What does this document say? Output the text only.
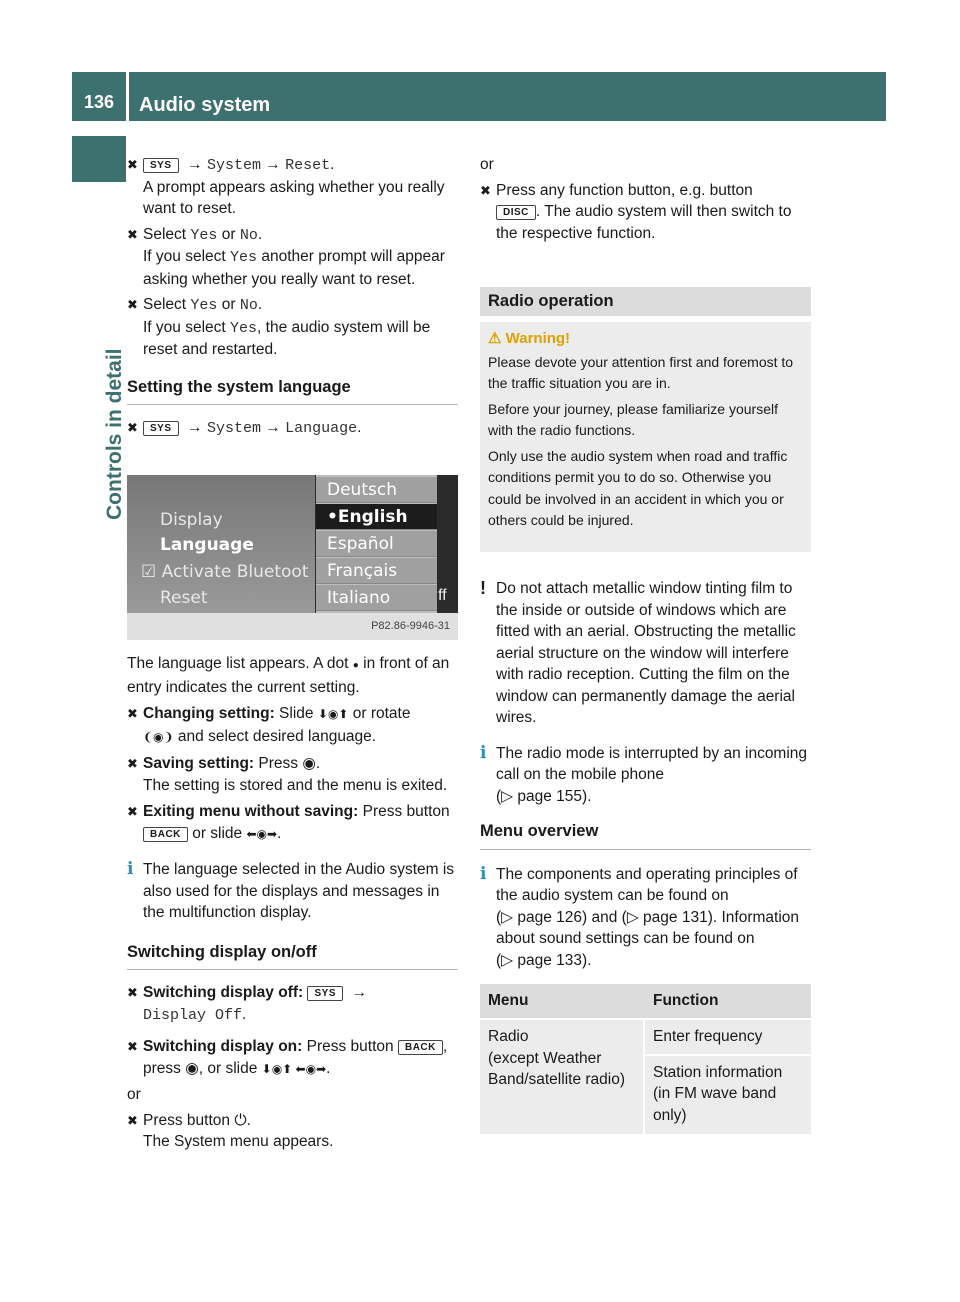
136	Audio system
Controls in detail
✖ SYS → System → Reset.
A prompt appears asking whether you really want to reset.
✖ Select Yes or No.
If you select Yes another prompt will appear asking whether you really want to reset.
✖ Select Yes or No.
If you select Yes, the audio system will be reset and restarted.
Setting the system language
✖ SYS → System → Language.
Display
Language
☑ Activate Bluetoot
Reset
Deutsch
•English
Español
Français
Italiano	ff
P82.86-9946-31
The language list appears. A dot ● in front of an entry indicates the current setting.
✖ Changing setting: Slide ⬇◉⬆ or rotate
❨◉❩ and select desired language.
✖ Saving setting: Press ◉.
The setting is stored and the menu is exited.
✖ Exiting menu without saving: Press button BACK or slide ⬅◉➡.
i The language selected in the Audio system is also used for the displays and messages in the multifunction display.
Switching display on/off
✖ Switching display off: SYS →
Display Off.
✖ Switching display on: Press button BACK ,
press ◉, or slide ⬇◉⬆ ⬅◉➡.
or
✖ Press button ⏻.
The System menu appears.
or
✖ Press any function button, e.g. button
DISC . The audio system will then switch to the respective function.
Radio operation
⚠ Warning!
Please devote your attention first and foremost to the traffic situation you are in.
Before your journey, please familiarize yourself with the radio functions.
Only use the audio system when road and traffic conditions permit you to do so. Otherwise you could be involved in an accident in which you or others could be injured.
! Do not attach metallic window tinting film to the inside or outside of windows which are fitted with an aerial. Obstructing the metallic aerial structure on the window will interfere with radio reception. Cutting the film on the window can permanently damage the aerial wires.
i The radio mode is interrupted by an incoming call on the mobile phone
(▷ page 155).
Menu overview
i The components and operating principles of the audio system can be found on
(▷ page 126) and (▷ page 131). Information about sound settings can be found on
(▷ page 133).
Menu	Function
Radio
(except Weather Band/satellite radio)	Enter frequency
	Station information (in FM wave band only)
